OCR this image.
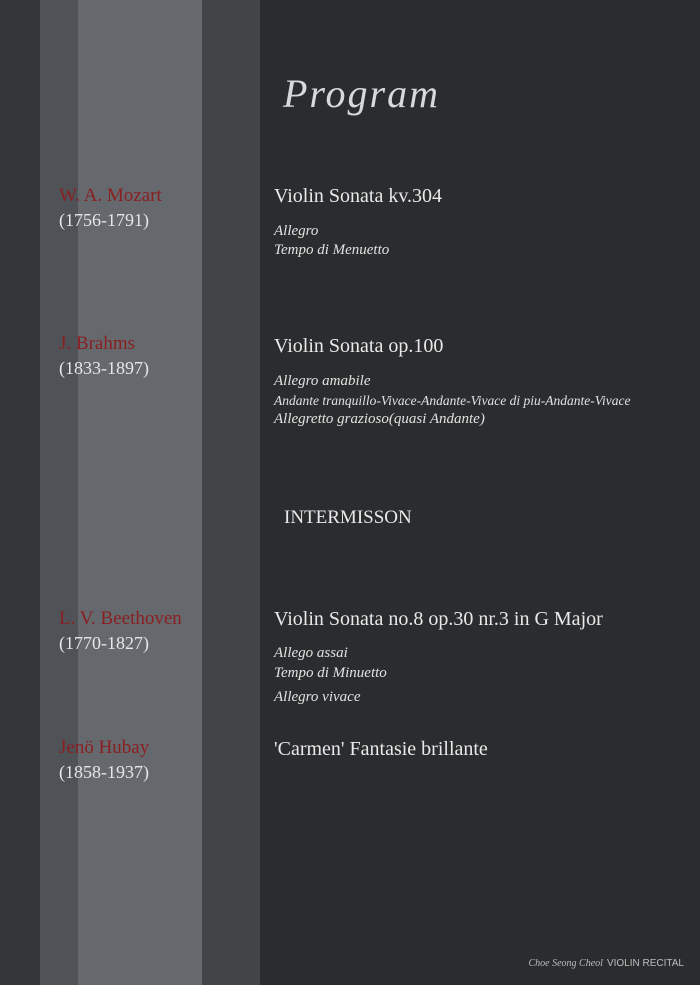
Program
W. A. Mozart
(1756-1791)
Violin Sonata kv.304
Allegro
Tempo di Menuetto
J. Brahms
(1833-1897)
Violin Sonata op.100
Allegro amabile
Andante tranquillo-Vivace-Andante-Vivace di piu-Andante-Vivace
Allegretto grazioso(quasi Andante)
INTERMISSON
L. V. Beethoven
(1770-1827)
Violin Sonata no.8 op.30 nr.3 in G Major
Allego assai
Tempo di Minuetto
Allegro vivace
Jenö Hubay
(1858-1937)
'Carmen' Fantasie brillante
Choe Seong Cheol VIOLIN RECITAL
